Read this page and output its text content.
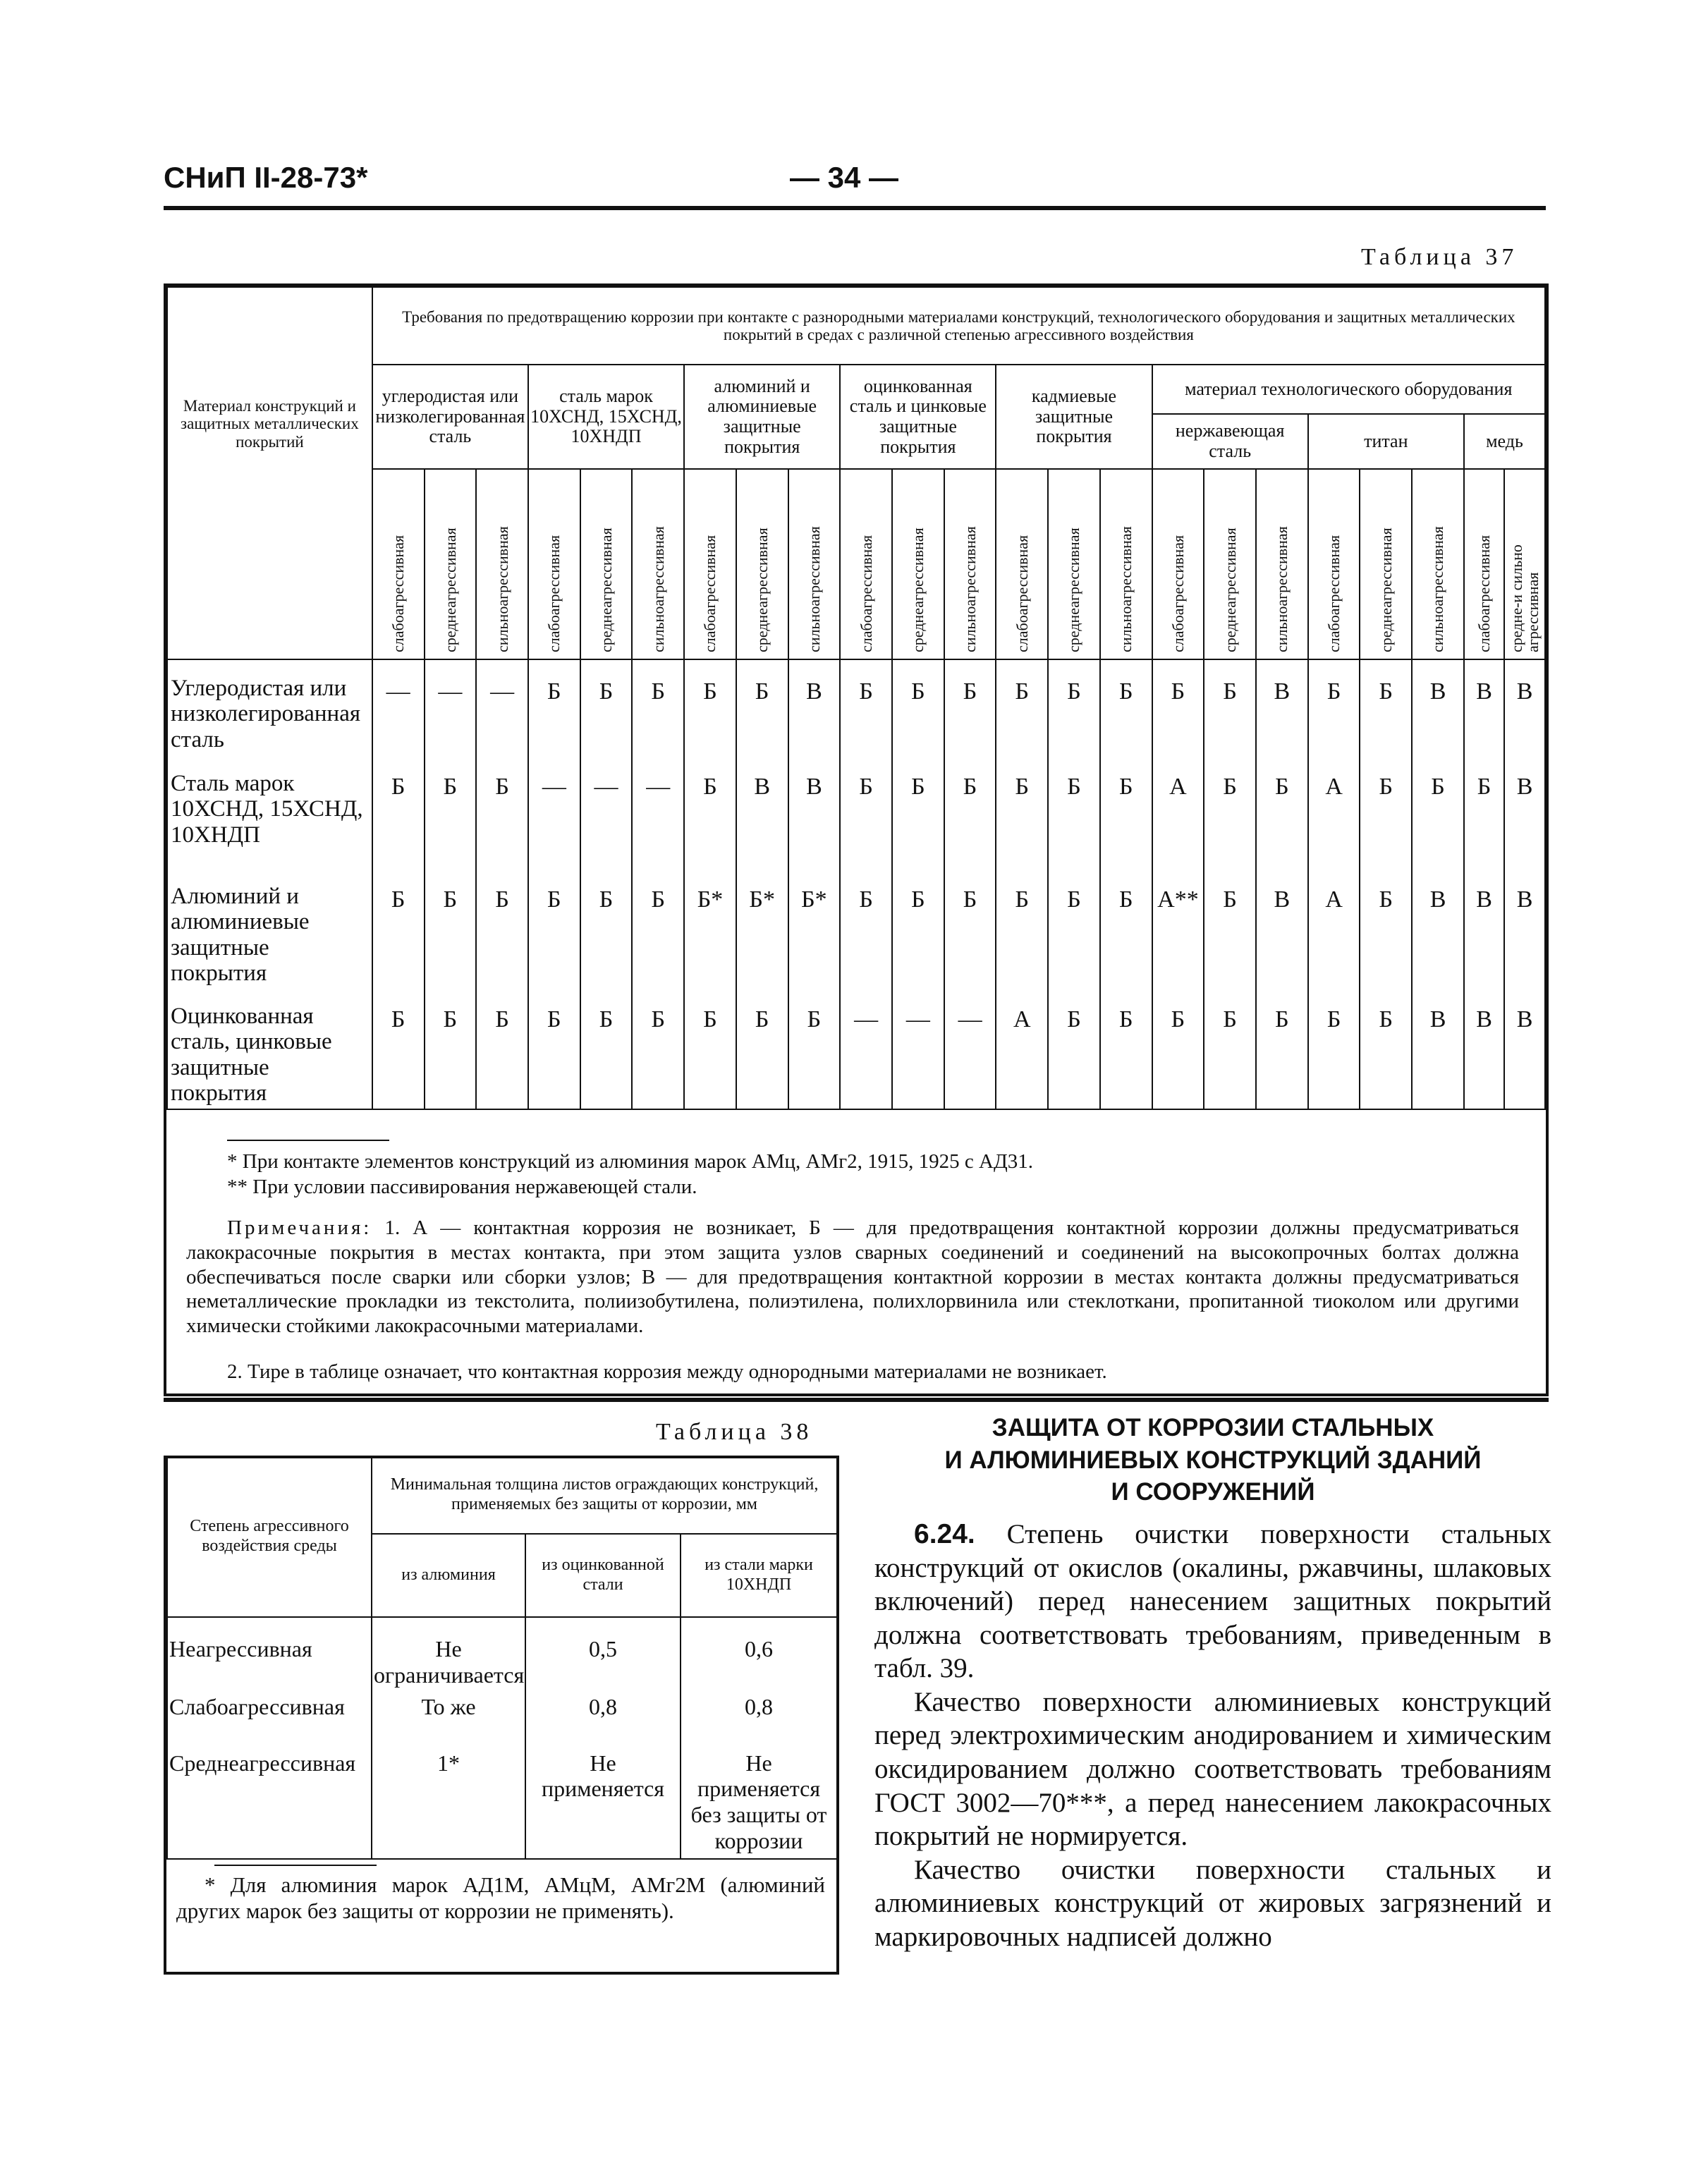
СНиП II-28-73*	— 34 —
Таблица 37
Материал конструкций и защитных металлических покрытий	Требования по предотвращению коррозии при контакте с разнородными материалами конструкций, технологического оборудования и защитных металлических покрытий в средах с различной степенью агрессивного воздействия																						
	углеродистая или низколегированная сталь			сталь марок 10ХСНД, 15ХСНД, 10ХНДП			алюминий и алюминиевые защитные покрытия			оцинкованная сталь и цинковые защитные покрытия			кадмиевые защитные покрытия			материал технологического оборудования							
																нержавеющая сталь			титан			медь	
	слабоагрессивная	среднеагрессивная	сильноагрессивная	слабоагрессивная	среднеагрессивная	сильноагрессивная	слабоагрессивная	среднеагрессивная	сильноагрессивная	слабоагрессивная	среднеагрессивная	сильноагрессивная	слабоагрессивная	среднеагрессивная	сильноагрессивная	слабоагрессивная	среднеагрессивная	сильноагрессивная	слабоагрессивная	среднеагрессивная	сильноагрессивная	слабоагрессивная	средне-и сильно агрессивная
Углеродистая или низколегированная сталь	—	—	—	Б	Б	Б	Б	Б	В	Б	Б	Б	Б	Б	Б	Б	Б	В	Б	Б	В	В	В
Сталь марок 10ХСНД, 15ХСНД, 10ХНДП	Б	Б	Б	—	—	—	Б	В	В	Б	Б	Б	Б	Б	Б	А	Б	Б	А	Б	Б	Б	В
Алюминий и алюминиевые защитные покрытия	Б	Б	Б	Б	Б	Б	Б*	Б*	Б*	Б	Б	Б	Б	Б	Б	А**	Б	В	А	Б	В	В	В
Оцинкованная сталь, цинковые защитные покрытия	Б	Б	Б	Б	Б	Б	Б	Б	Б	—	—	—	А	Б	Б	Б	Б	Б	Б	Б	В	В	В
* При контакте элементов конструкций из алюминия марок АМц, АМг2, 1915, 1925 с АД31.
** При условии пассивирования нержавеющей стали.
Примечания: 1. А — контактная коррозия не возникает, Б — для предотвращения контактной коррозии должны предусматриваться лакокрасочные покрытия в местах контакта, при этом защита узлов сварных соединений и соединений на высокопрочных болтах должна обеспечиваться после сварки или сборки узлов; В — для предотвращения контактной коррозии в местах контакта должны предусматриваться неметаллические прокладки из текстолита, полиизобутилена, полиэтилена, полихлорвинила или стеклоткани, пропитанной тиоколом или другими химически стойкими лакокрасочными материалами.
2. Тире в таблице означает, что контактная коррозия между однородными материалами не возникает.
Таблица 38
Степень агрессивного воздействия среды	Минимальная толщина листов ограждающих конструкций, применяемых без защиты от коррозии, мм		
	из алюминия	из оцинкованной стали	из стали марки 10ХНДП
Неагрессивная	Не ограничивается	0,5	0,6
Слабоагрессивная	То же	0,8	0,8
Среднеагрессивная	1*	Не применяется	Не применяется без защиты от коррозии
* Для алюминия марок АД1М, АМцМ, АМг2М (алюминий других марок без защиты от коррозии не применять).
ЗАЩИТА ОТ КОРРОЗИИ СТАЛЬНЫХ
И АЛЮМИНИЕВЫХ КОНСТРУКЦИЙ ЗДАНИЙ
И СООРУЖЕНИЙ

6.24. Степень очистки поверхности стальных конструкций от окислов (окалины, ржавчины, шлаковых включений) перед нанесением защитных покрытий должна соответствовать требованиям, приведенным в табл. 39.

Качество поверхности алюминиевых конструкций перед электрохимическим анодированием и химическим оксидированием должно соответствовать требованиям ГОСТ 3002—70***, а перед нанесением лакокрасочных покрытий не нормируется.

Качество очистки поверхности стальных и алюминиевых конструкций от жировых загрязнений и маркировочных надписей должно
